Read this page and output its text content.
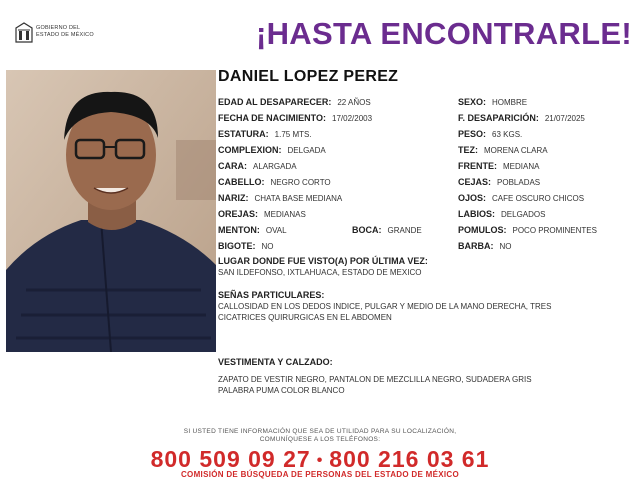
GOBIERNO DEL
ESTADO DE MÉXICO	¡HASTA ENCONTRARLE!
DANIEL LOPEZ PEREZ
EDAD AL DESAPARECER: 22 AÑOS
FECHA DE NACIMIENTO: 17/02/2003
ESTATURA: 1.75 MTS.
COMPLEXION: DELGADA
CARA: ALARGADA
CABELLO: NEGRO CORTO
NARIZ: CHATA BASE MEDIANA
OREJAS: MEDIANAS
MENTON: OVAL	BOCA: GRANDE
BIGOTE: NO
SEXO: HOMBRE
F. DESAPARICIÓN: 21/07/2025
PESO: 63 KGS.
TEZ: MORENA CLARA
FRENTE: MEDIANA
CEJAS: POBLADAS
OJOS: CAFE OSCURO CHICOS
LABIOS: DELGADOS
POMULOS: POCO PROMINENTES
BARBA: NO
LUGAR DONDE FUE VISTO(A) POR ÚLTIMA VEZ:
SAN ILDEFONSO, IXTLAHUACA, ESTADO DE MEXICO
SEÑAS PARTICULARES:
CALLOSIDAD EN LOS DEDOS INDICE, PULGAR Y MEDIO DE LA MANO DERECHA, TRES
CICATRICES QUIRURGICAS EN EL ABDOMEN
VESTIMENTA Y CALZADO:
ZAPATO DE VESTIR NEGRO, PANTALON DE MEZCLILLA NEGRO, SUDADERA GRIS
PALABRA PUMA COLOR BLANCO
SI USTED TIENE INFORMACIÓN QUE SEA DE UTILIDAD PARA SU LOCALIZACIÓN,
COMUNÍQUESE A LOS TELÉFONOS:
800 509 09 27 • 800 216 03 61
COMISIÓN DE BÚSQUEDA DE PERSONAS DEL ESTADO DE MÉXICO
